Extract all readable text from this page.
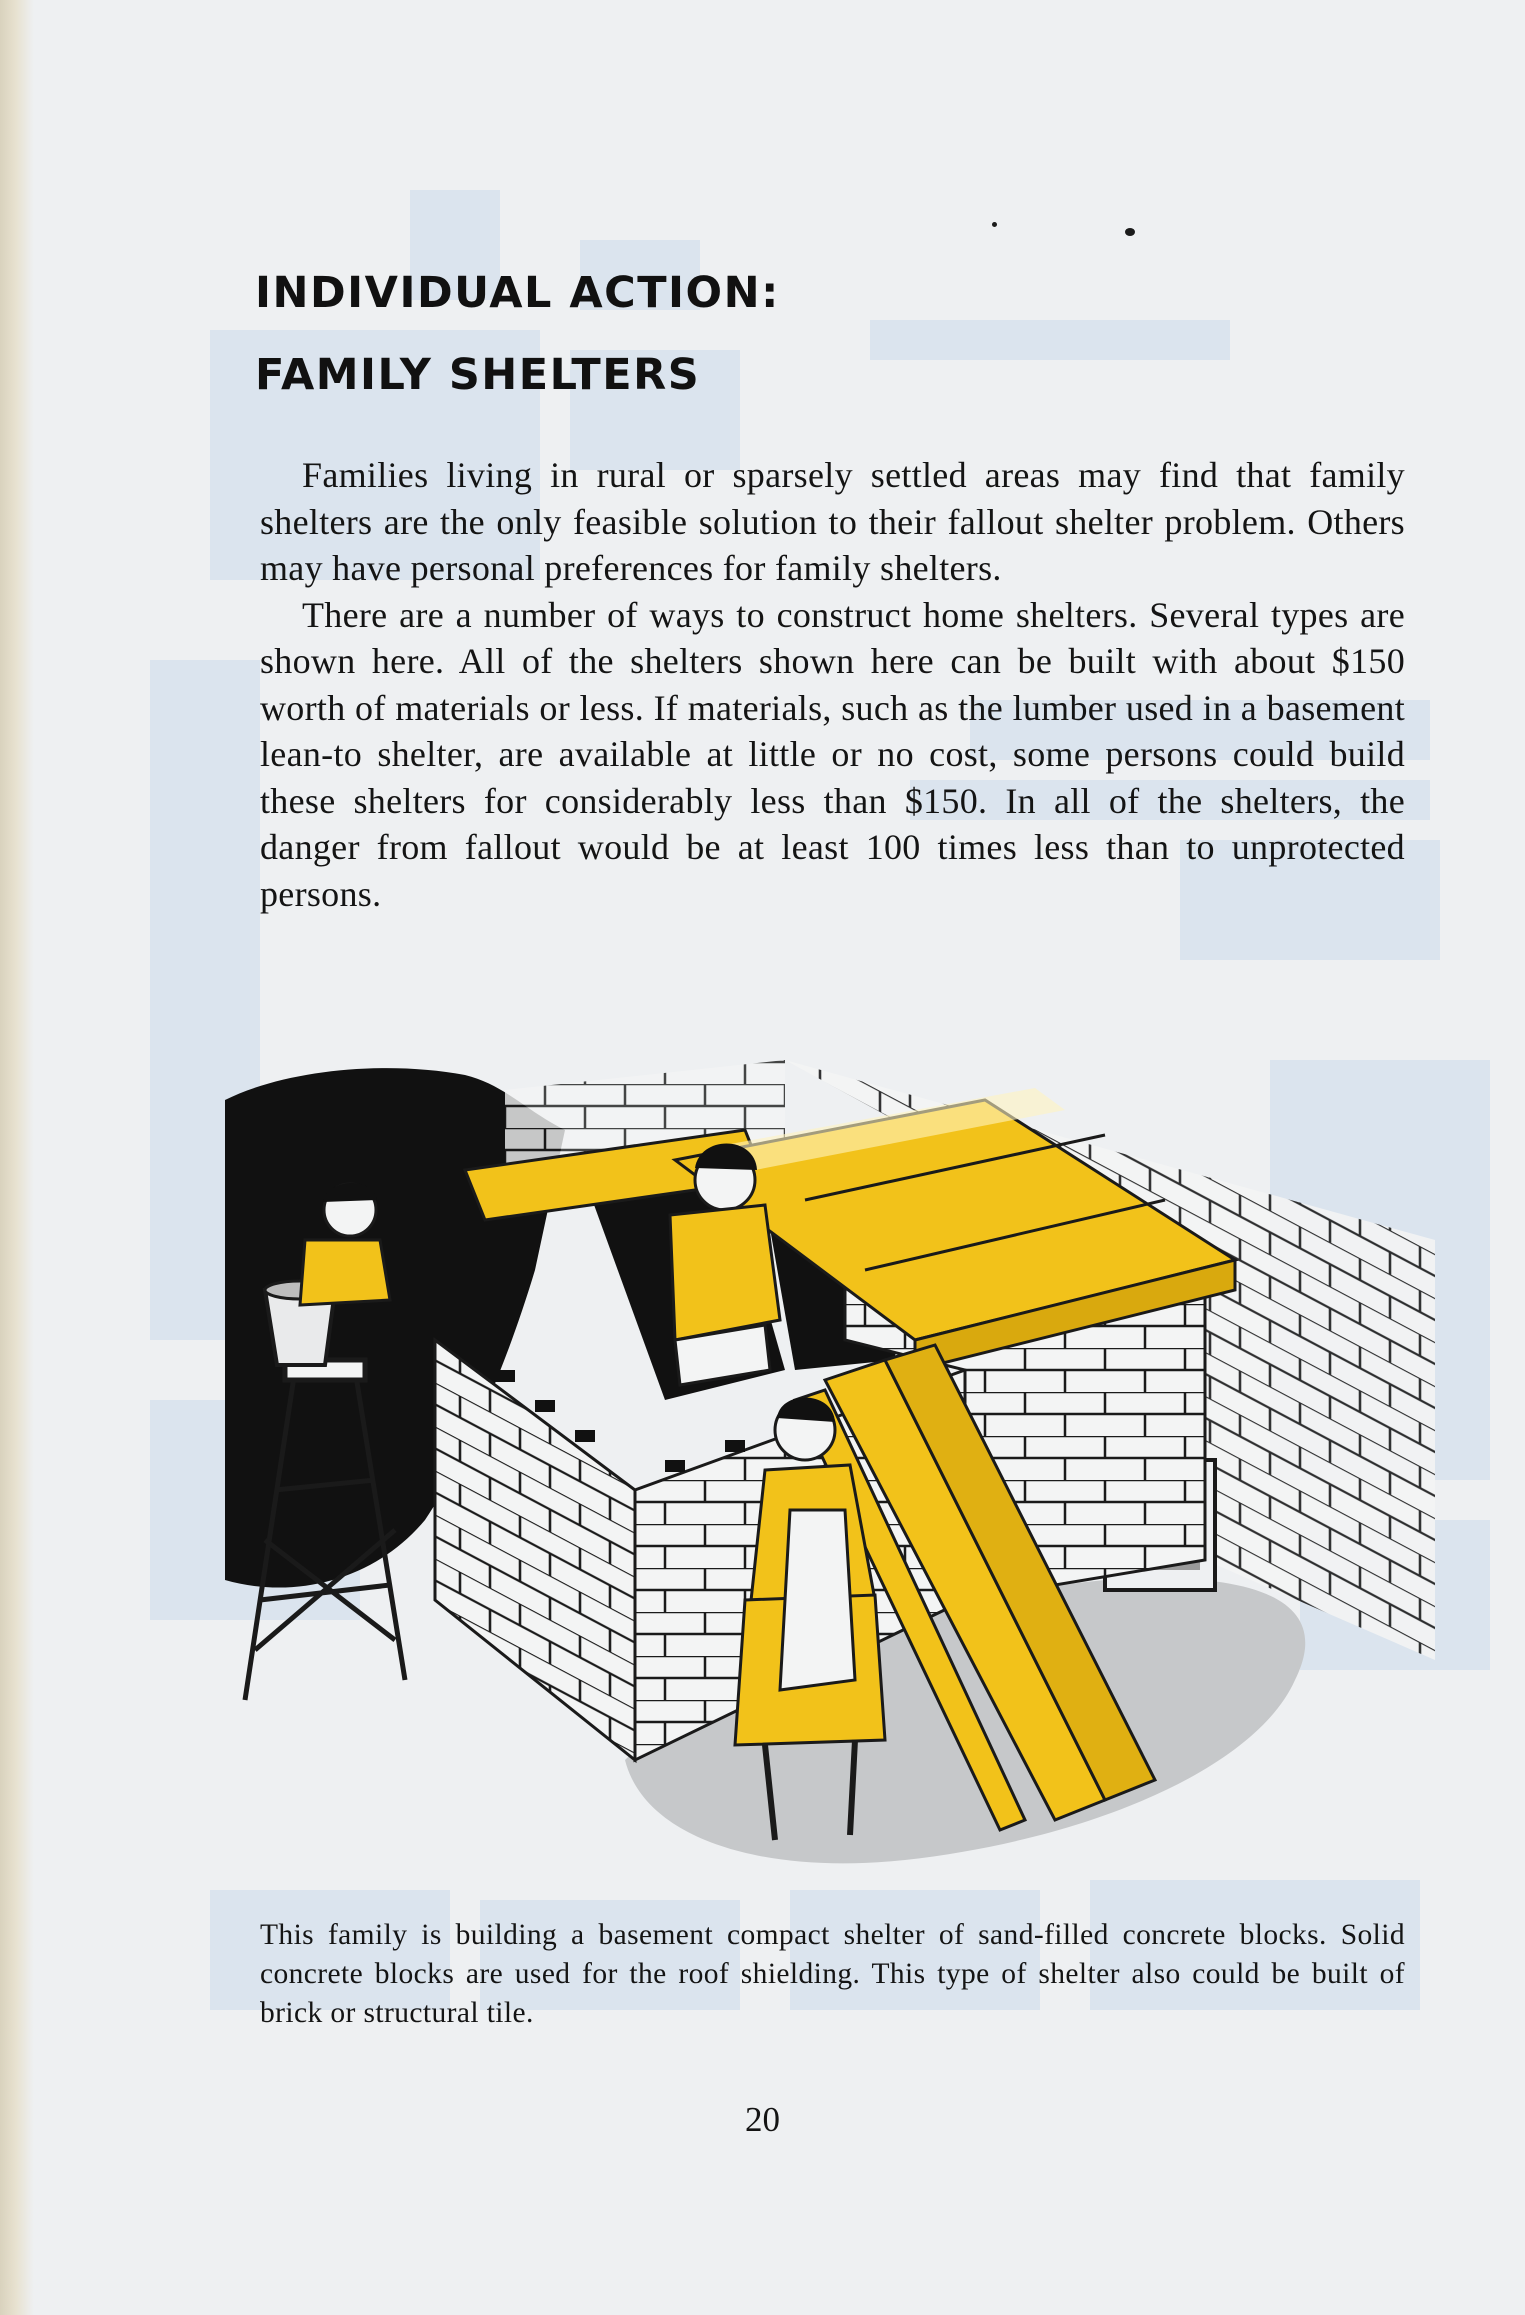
INDIVIDUAL ACTION:
FAMILY SHELTERS

Families living in rural or sparsely settled areas may find that family shelters are the only feasible solution to their fallout shelter problem. Others may have personal preferences for family shelters.

There are a number of ways to construct home shelters. Several types are shown here. All of the shelters shown here can be built with about $150 worth of materials or less. If materials, such as the lumber used in a basement lean-to shelter, are available at little or no cost, some persons could build these shelters for considerably less than $150. In all of the shelters, the danger from fallout would be at least 100 times less than to unprotected persons.

This family is building a basement compact shelter of sand-filled concrete blocks. Solid concrete blocks are used for the roof shielding. This type of shelter also could be built of brick or structural tile.
20
